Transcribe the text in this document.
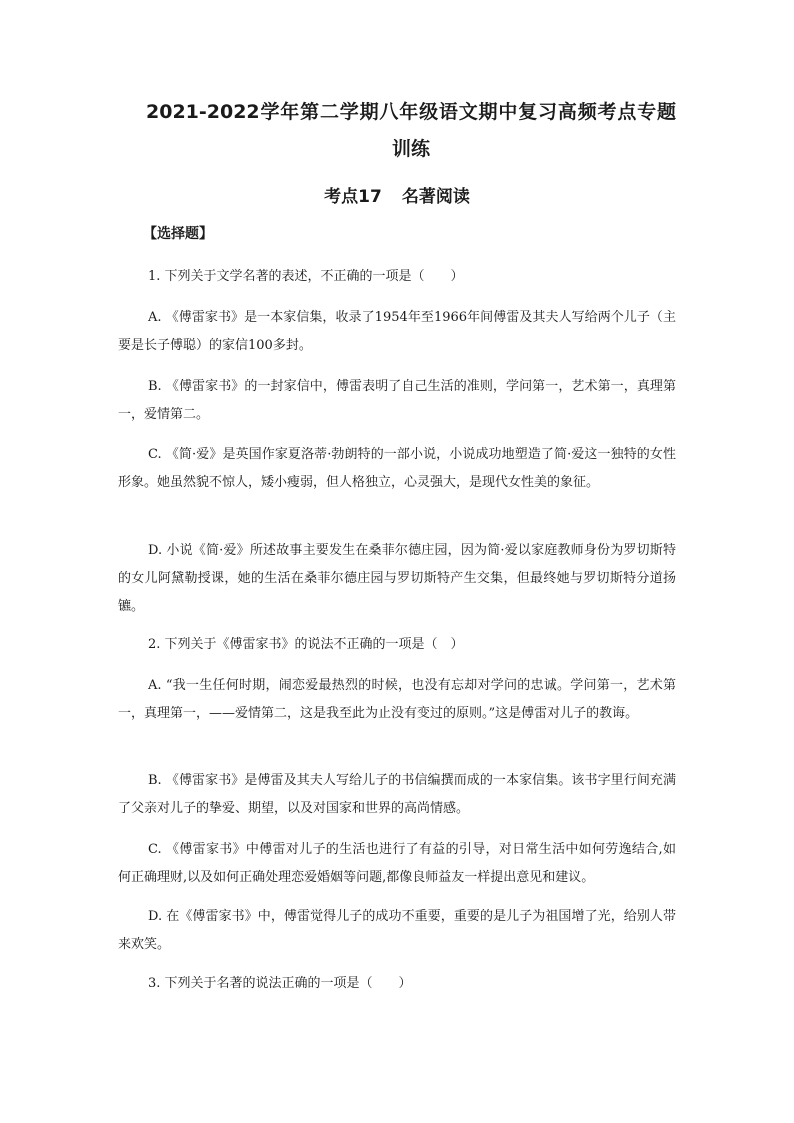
2021-2022学年第二学期八年级语文期中复习高频考点专题训练
考点17 名著阅读
【选择题】
1. 下列关于文学名著的表述，不正确的一项是（　　）
A. 《傅雷家书》是一本家信集，收录了1954年至1966年间傅雷及其夫人写给两个儿子（主要是长子傅聪）的家信100多封。
B. 《傅雷家书》的一封家信中，傅雷表明了自己生活的准则，学问第一，艺术第一，真理第一，爱情第二。
C. 《简·爱》是英国作家夏洛蒂·勃朗特的一部小说，小说成功地塑造了简·爱这一独特的女性形象。她虽然貌不惊人，矮小瘦弱，但人格独立，心灵强大，是现代女性美的象征。
D. 小说《简·爱》所述故事主要发生在桑菲尔德庄园，因为简·爱以家庭教师身份为罗切斯特的女儿阿黛勒授课，她的生活在桑菲尔德庄园与罗切斯特产生交集，但最终她与罗切斯特分道扬镳。
2. 下列关于《傅雷家书》的说法不正确的一项是（　）
A. “我一生任何时期，闹恋爱最热烈的时候，也没有忘却对学问的忠诚。学问第一，艺术第一，真理第一，——爱情第二，这是我至此为止没有变过的原则。”这是傅雷对儿子的教诲。
B. 《傅雷家书》是傅雷及其夫人写给儿子的书信编撰而成的一本家信集。该书字里行间充满了父亲对儿子的挚爱、期望，以及对国家和世界的高尚情感。
C. 《傅雷家书》中傅雷对儿子的生活也进行了有益的引导，对日常生活中如何劳逸结合,如何正确理财,以及如何正确处理恋爱婚姻等问题,都像良师益友一样提出意见和建议。
D. 在《傅雷家书》中，傅雷觉得儿子的成功不重要，重要的是儿子为祖国增了光，给别人带来欢笑。
3. 下列关于名著的说法正确的一项是（　　）
